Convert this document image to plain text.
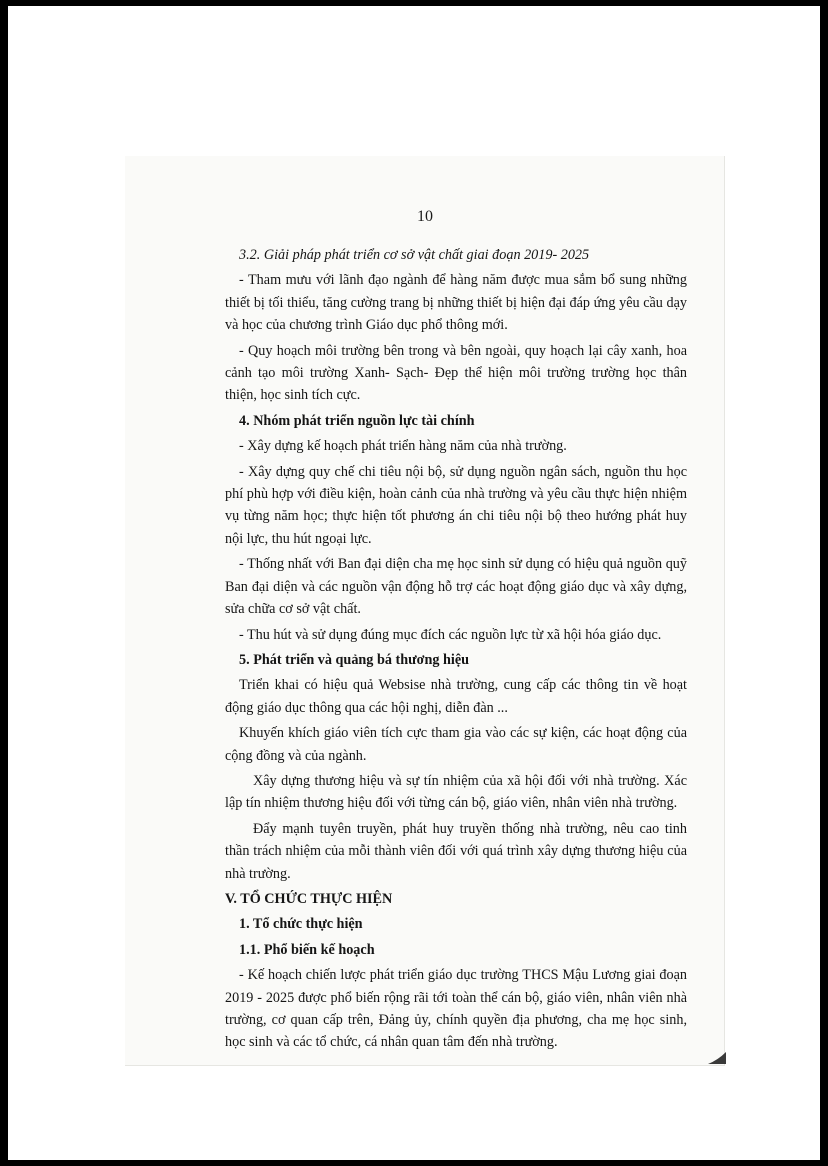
10

3.2. Giải pháp phát triển cơ sở vật chất giai đoạn 2019- 2025

- Tham mưu với lãnh đạo ngành để hàng năm được mua sắm bổ sung những thiết bị tối thiểu, tăng cường trang bị những thiết bị hiện đại đáp ứng yêu cầu dạy và học của chương trình Giáo dục phổ thông mới.

- Quy hoạch môi trường bên trong và bên ngoài, quy hoạch lại cây xanh, hoa cảnh tạo môi trường Xanh- Sạch- Đẹp thể hiện môi trường trường học thân thiện, học sinh tích cực.

4. Nhóm phát triển nguồn lực tài chính

- Xây dựng kế hoạch phát triển hàng năm của nhà trường.

- Xây dựng quy chế chi tiêu nội bộ, sử dụng nguồn ngân sách, nguồn thu học phí phù hợp với điều kiện, hoàn cảnh của nhà trường và yêu cầu thực hiện nhiệm vụ từng năm học; thực hiện tốt phương án chi tiêu nội bộ theo hướng phát huy nội lực, thu hút ngoại lực.

- Thống nhất với Ban đại diện cha mẹ học sinh sử dụng có hiệu quả nguồn quỹ Ban đại diện và các nguồn vận động hỗ trợ các hoạt động giáo dục và xây dựng, sửa chữa cơ sở vật chất.

- Thu hút và sử dụng đúng mục đích các nguồn lực từ xã hội hóa giáo dục.

5. Phát triển và quảng bá thương hiệu

Triển khai có hiệu quả Websise nhà trường, cung cấp các thông tin về hoạt động giáo dục thông qua các hội nghị, diễn đàn ...

Khuyến khích giáo viên tích cực tham gia vào các sự kiện, các hoạt động của cộng đồng và của ngành.

Xây dựng thương hiệu và sự tín nhiệm của xã hội đối với nhà trường. Xác lập tín nhiệm thương hiệu đối với từng cán bộ, giáo viên, nhân viên nhà trường.

Đẩy mạnh tuyên truyền, phát huy truyền thống nhà trường, nêu cao tinh thần trách nhiệm của mỗi thành viên đối với quá trình xây dựng thương hiệu của nhà trường.

V. TỔ CHỨC THỰC HIỆN

1. Tổ chức thực hiện

1.1. Phổ biến kế hoạch

- Kế hoạch chiến lược phát triển giáo dục trường THCS Mậu Lương giai đoạn 2019 - 2025 được phổ biến rộng rãi tới toàn thể cán bộ, giáo viên, nhân viên nhà trường, cơ quan cấp trên, Đảng ủy, chính quyền địa phương, cha mẹ học sinh, học sinh và các tổ chức, cá nhân quan tâm đến nhà trường.
